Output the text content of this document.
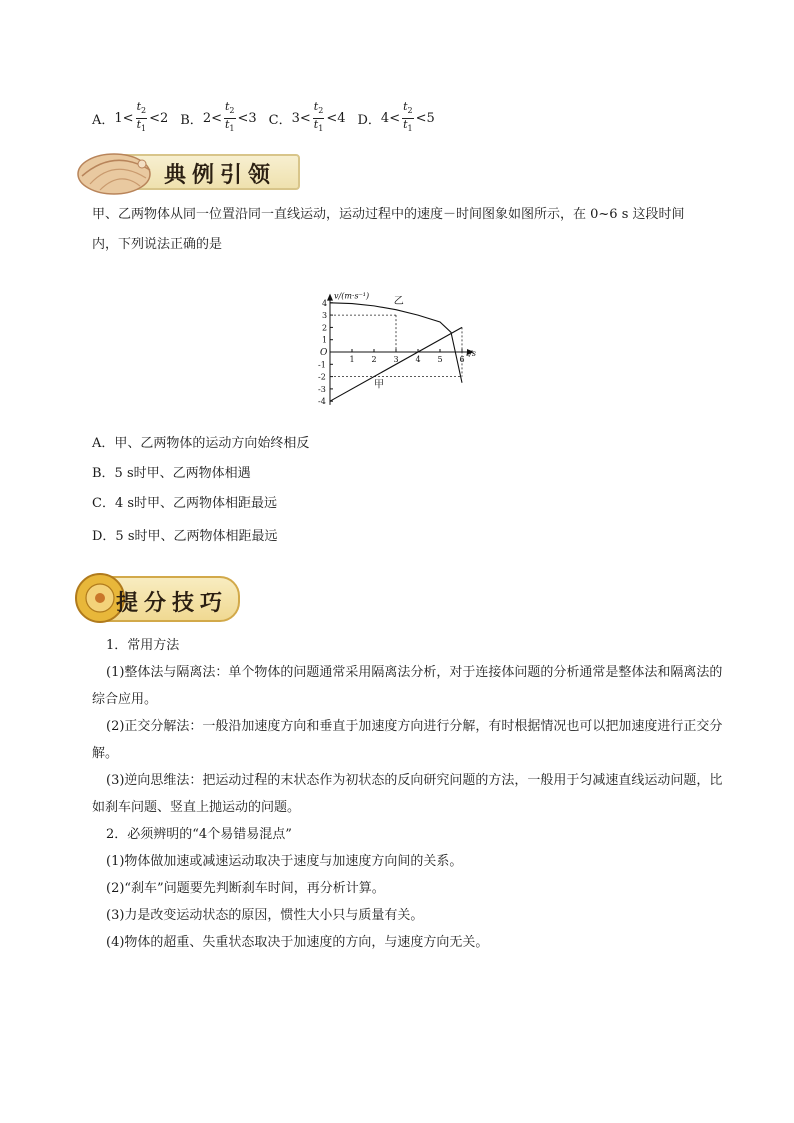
A． $1< \frac{t_2}{t_1} <2$ B． $2< \frac{t_2}{t_1} <3$ C． $3< \frac{t_2}{t_1} <4$ D． $4< \frac{t_2}{t_1} <5$
典例引领
甲、乙两物体从同一位置沿同一直线运动，运动过程中的速度－时间图象如图所示，在 0~6 s 这段时间
内，下列说法正确的是
v/(m·s⁻¹)
t/s
O
1 2 3 4 5 6
4
3
2
1
-1
-2
-3
-4
乙
甲
A．甲、乙两物体的运动方向始终相反
B．5 s时甲、乙两物体相遇
C．4 s时甲、乙两物体相距最远
D．5 s时甲、乙两物体相距最远
提分技巧

1．常用方法

(1)整体法与隔离法：单个物体的问题通常采用隔离法分析，对于连接体问题的分析通常是整体法和隔离法的综合应用。

(2)正交分解法：一般沿加速度方向和垂直于加速度方向进行分解，有时根据情况也可以把加速度进行正交分解。

(3)逆向思维法：把运动过程的末状态作为初状态的反向研究问题的方法，一般用于匀减速直线运动问题，比如刹车问题、竖直上抛运动的问题。

2．必须辨明的“4个易错易混点”

(1)物体做加速或减速运动取决于速度与加速度方向间的关系。

(2)“刹车”问题要先判断刹车时间，再分析计算。

(3)力是改变运动状态的原因，惯性大小只与质量有关。

(4)物体的超重、失重状态取决于加速度的方向，与速度方向无关。
